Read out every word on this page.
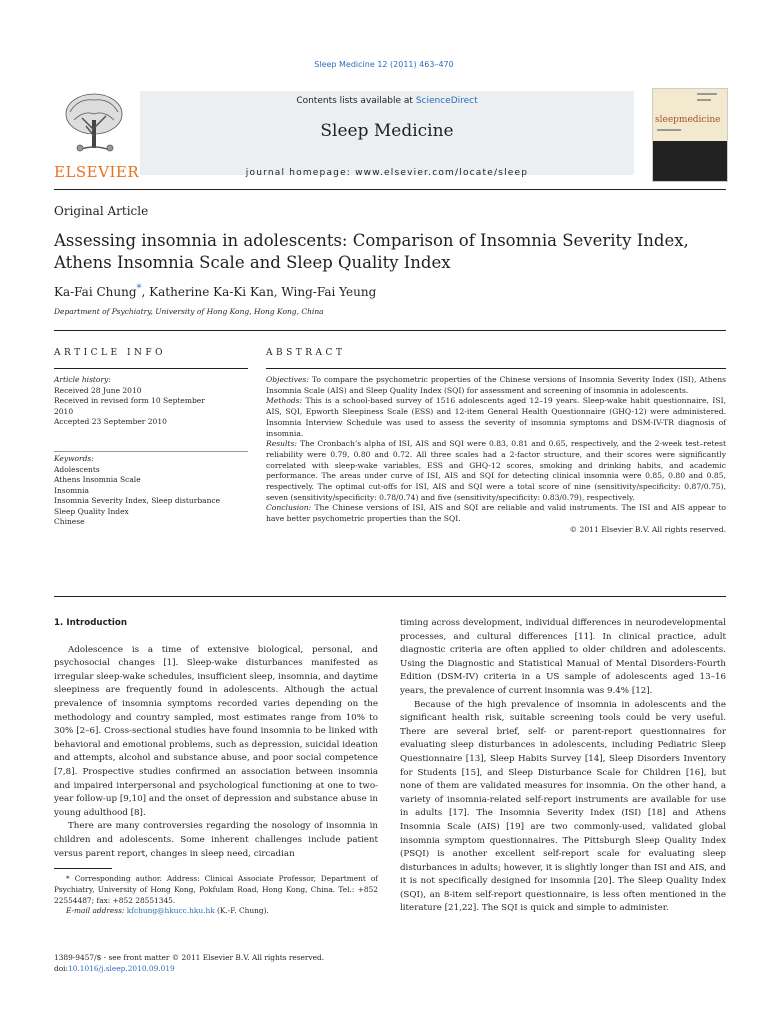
Sleep Medicine 12 (2011) 463–470
ELSEVIER
Contents lists available at ScienceDirect
Sleep Medicine
journal homepage: www.elsevier.com/locate/sleep
sleepmedicine
Original Article
Assessing insomnia in adolescents: Comparison of Insomnia Severity Index,
Athens Insomnia Scale and Sleep Quality Index
Ka-Fai Chung*, Katherine Ka-Ki Kan, Wing-Fai Yeung
Department of Psychiatry, University of Hong Kong, Hong Kong, China
ARTICLE INFO	ABSTRACT
Article history:
Received 28 June 2010
Received in revised form 10 September
2010
Accepted 23 September 2010
Keywords:
Adolescents
Athens Insomnia Scale
Insomnia
Insomnia Severity Index, Sleep disturbance
Sleep Quality Index
Chinese

Objectives: To compare the psychometric properties of the Chinese versions of Insomnia Severity Index (ISI), Athens Insomnia Scale (AIS) and Sleep Quality Index (SQI) for assessment and screening of insomnia in adolescents.

Methods: This is a school-based survey of 1516 adolescents aged 12–19 years. Sleep-wake habit questionnaire, ISI, AIS, SQI, Epworth Sleepiness Scale (ESS) and 12-item General Health Questionnaire (GHQ-12) were administered. Insomnia Interview Schedule was used to assess the severity of insomnia symptoms and DSM-IV-TR diagnosis of insomnia.

Results: The Cronbach’s alpha of ISI, AIS and SQI were 0.83, 0.81 and 0.65, respectively, and the 2-week test–retest reliability were 0.79, 0.80 and 0.72. All three scales had a 2-factor structure, and their scores were significantly correlated with sleep-wake variables, ESS and GHQ-12 scores, smoking and drinking habits, and academic performance. The areas under curve of ISI, AIS and SQI for detecting clinical insomnia were 0.85, 0.80 and 0.85, respectively. The optimal cut-offs for ISI, AIS and SQI were a total score of nine (sensitivity/specificity: 0.87/0.75), seven (sensitivity/specificity: 0.78/0.74) and five (sensitivity/specificity: 0.83/0.79), respectively.

Conclusion: The Chinese versions of ISI, AIS and SQI are reliable and valid instruments. The ISI and AIS appear to have better psychometric properties than the SQI.

© 2011 Elsevier B.V. All rights reserved.

1. Introduction

Adolescence is a time of extensive biological, personal, and psychosocial changes [1]. Sleep-wake disturbances manifested as irregular sleep-wake schedules, insufficient sleep, insomnia, and daytime sleepiness are frequently found in adolescents. Although the actual prevalence of insomnia symptoms recorded varies depending on the methodology and country sampled, most estimates range from 10% to 30% [2–6]. Cross-sectional studies have found insomnia to be linked with behavioral and emotional problems, such as depression, suicidal ideation and attempts, alcohol and substance abuse, and poor social competence [7,8]. Prospective studies confirmed an association between insomnia and impaired interpersonal and psychological functioning at one to two-year follow-up [9,10] and the onset of depression and substance abuse in young adulthood [8].

There are many controversies regarding the nosology of insomnia in children and adolescents. Some inherent challenges include patient versus parent report, changes in sleep need, circadian

timing across development, individual differences in neurodevelopmental processes, and cultural differences [11]. In clinical practice, adult diagnostic criteria are often applied to older children and adolescents. Using the Diagnostic and Statistical Manual of Mental Disorders-Fourth Edition (DSM-IV) criteria in a US sample of adolescents aged 13–16 years, the prevalence of current insomnia was 9.4% [12].

Because of the high prevalence of insomnia in adolescents and the significant health risk, suitable screening tools could be very useful. There are several brief, self- or parent-report questionnaires for evaluating sleep disturbances in adolescents, including Pediatric Sleep Questionnaire [13], Sleep Habits Survey [14], Sleep Disorders Inventory for Students [15], and Sleep Disturbance Scale for Children [16], but none of them are validated measures for insomnia. On the other hand, a variety of insomnia-related self-report instruments are available for use in adults [17]. The Insomnia Severity Index (ISI) [18] and Athens Insomnia Scale (AIS) [19] are two commonly-used, validated global insomnia symptom questionnaires. The Pittsburgh Sleep Quality Index (PSQI) is another excellent self-report scale for evaluating sleep disturbances in adults; however, it is slightly longer than ISI and AIS, and it is not specifically designed for insomnia [20]. The Sleep Quality Index (SQI), an 8-item self-report questionnaire, is less often mentioned in the literature [21,22]. The SQI is quick and simple to administer.

* Corresponding author. Address: Clinical Associate Professor, Department of Psychiatry, University of Hong Kong, Pokfulam Road, Hong Kong, China. Tel.: +852 22554487; fax: +852 28551345.
E-mail address: kfchung@hkucc.hku.hk (K.-F. Chung).
1389-9457/$ - see front matter © 2011 Elsevier B.V. All rights reserved.
doi:10.1016/j.sleep.2010.09.019
